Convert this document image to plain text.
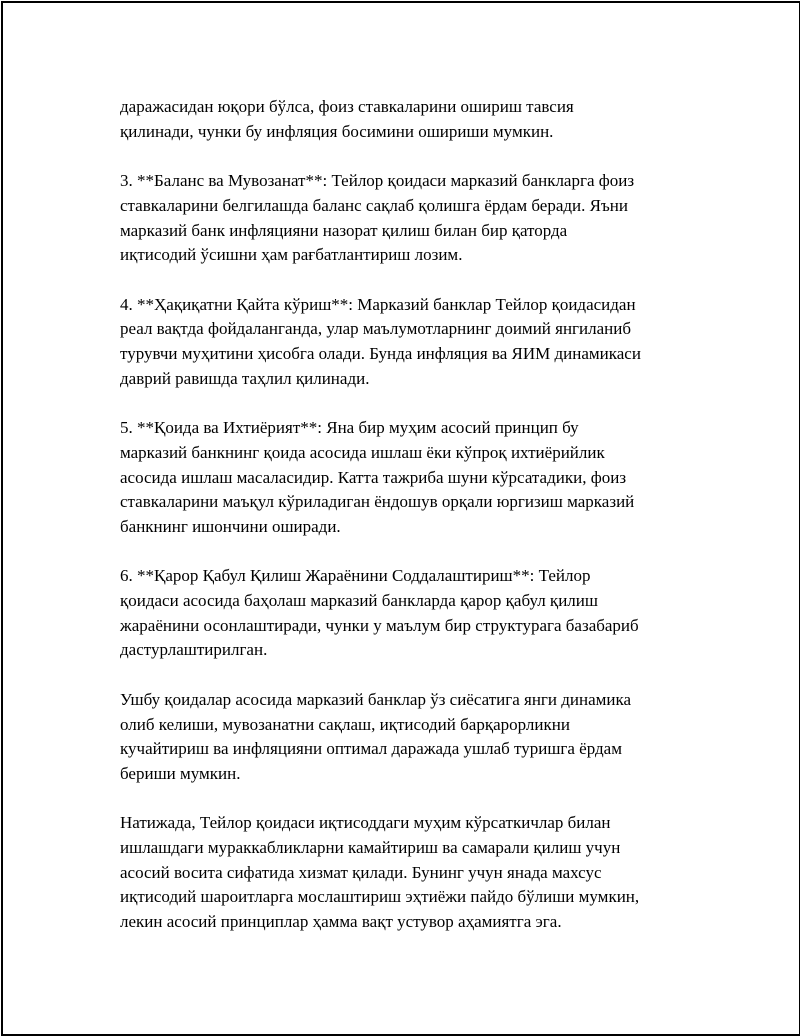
даражасидан юқори бўлса, фоиз ставкаларини ошириш тавсия
қилинади, чунки бу инфляция босимини ошириши мумкин.

3. **Баланс ва Мувозанат**: Тейлор қоидаси марказий банкларга фоиз
ставкаларини белгилашда баланс сақлаб қолишга ёрдам беради. Яъни
марказий банк инфляцияни назорат қилиш билан бир қаторда
иқтисодий ўсишни ҳам рағбатлантириш лозим.

4. **Ҳақиқатни Қайта кўриш**: Марказий банклар Тейлор қоидасидан
реал вақтда фойдаланганда, улар маълумотларнинг доимий янгиланиб
турувчи муҳитини ҳисобга олади. Бунда инфляция ва ЯИМ динамикаси
даврий равишда таҳлил қилинади.

5. **Қоида ва Ихтиёрият**: Яна бир муҳим асосий принцип бу
марказий банкнинг қоида асосида ишлаш ёки кўпроқ ихтиёрийлик
асосида ишлаш масаласидир. Катта тажриба шуни кўрсатадики, фоиз
ставкаларини маъқул кўриладиган ёндошув орқали юргизиш марказий
банкнинг ишончини оширади.

6. **Қарор Қабул Қилиш Жараёнини Соддалаштириш**: Тейлор
қоидаси асосида баҳолаш марказий банкларда қарор қабул қилиш
жараёнини осонлаштиради, чунки у маълум бир структурага базабариб
дастурлаштирилган.

Ушбу қоидалар асосида марказий банклар ўз сиёсатига янги динамика
олиб келиши, мувозанатни сақлаш, иқтисодий барқарорликни
кучайтириш ва инфляцияни оптимал даражада ушлаб туришга ёрдам
бериши мумкин.

Натижада, Тейлор қоидаси иқтисоддаги муҳим кўрсаткичлар билан
ишлашдаги мураккабликларни камайтириш ва самарали қилиш учун
асосий восита сифатида хизмат қилади. Бунинг учун янада махсус
иқтисодий шароитларга мослаштириш эҳтиёжи пайдо бўлиши мумкин,
лекин асосий принциплар ҳамма вақт устувор аҳамиятга эга.
